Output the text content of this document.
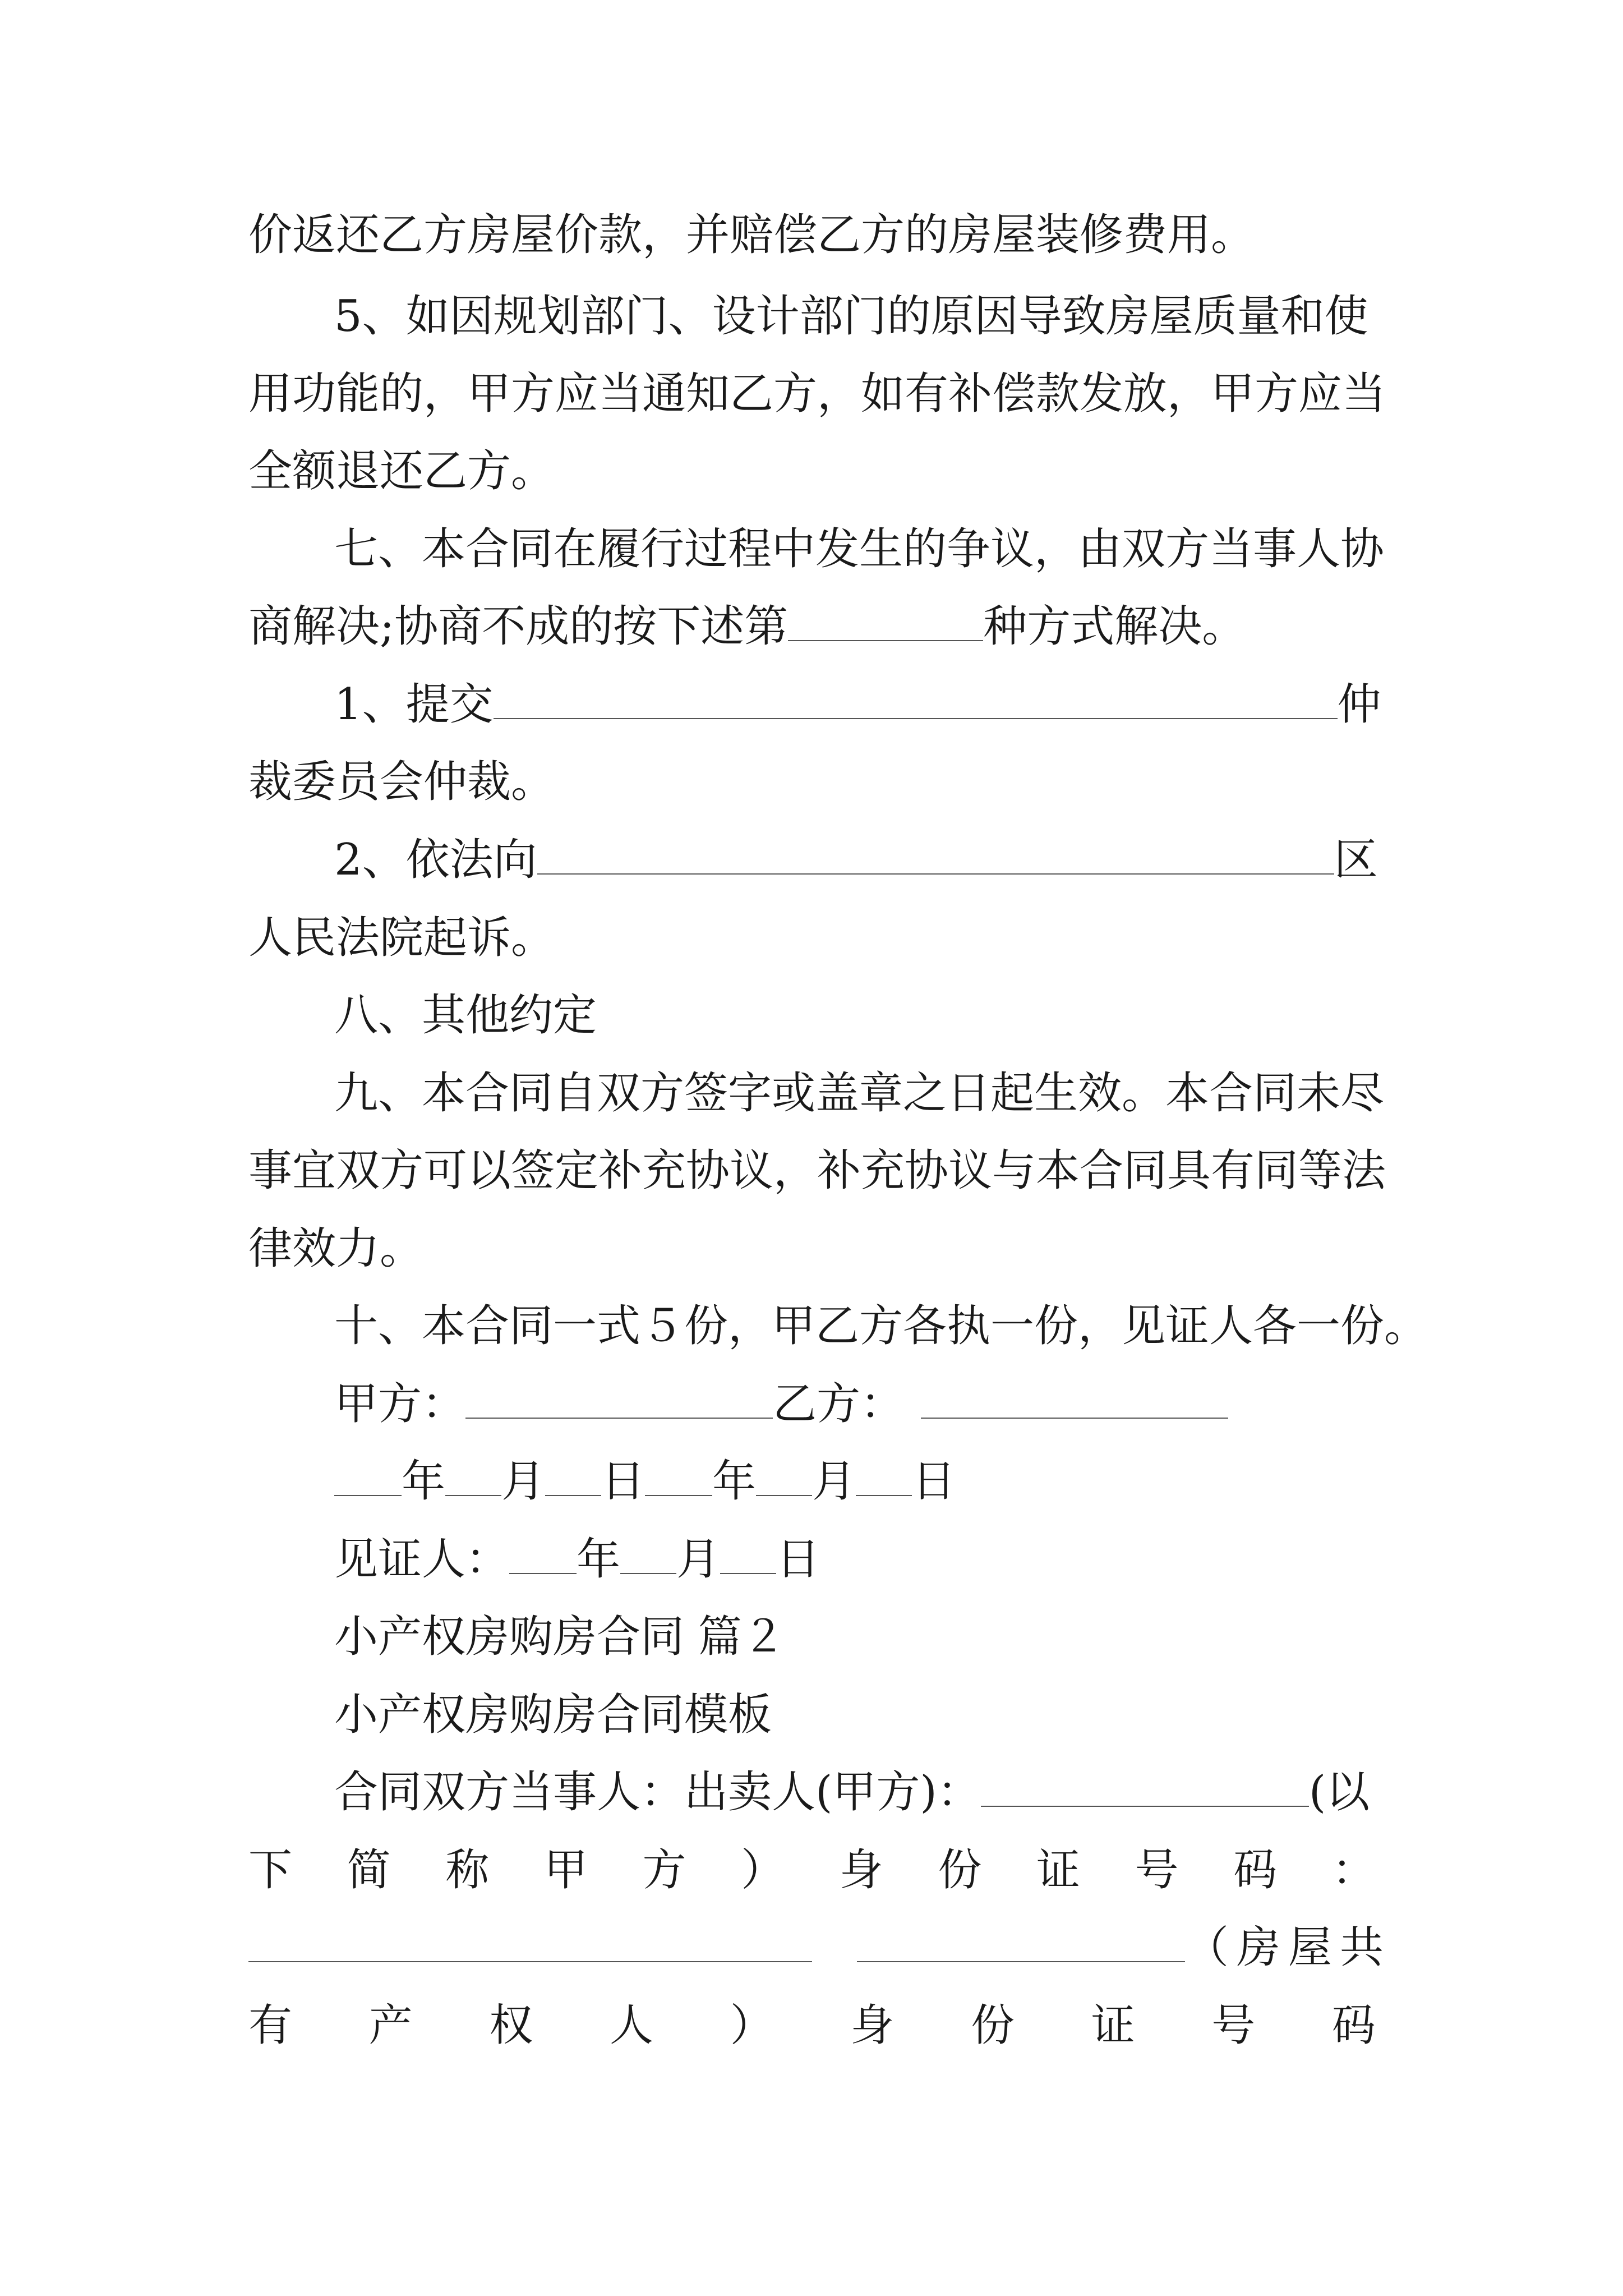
价返还乙方房屋价款，并赔偿乙方的房屋装修费用。
5、如因规划部门、设计部门的原因导致房屋质量和使
用功能的，甲方应当通知乙方，如有补偿款发放，甲方应当
全额退还乙方。
七、本合同在履行过程中发生的争议，由双方当事人协
商解决;协商不成的按下述第	种方式解决。
1、提交	仲
裁委员会仲裁。
2、依法向	区
人民法院起诉。
八、其他约定
九、本合同自双方签字或盖章之日起生效。本合同未尽
事宜双方可以签定补充协议，补充协议与本合同具有同等法
律效力。
十、本合同一式５份，甲乙方各执一份，见证人各一份。
甲方：	乙方：
年 月 日 年 月 日
见证人： 年 月 日
小产权房购房合同 篇２
小产权房购房合同模板
合同双方当事人：出卖人(甲方)：	(以
下 简 称 甲 方 ） 身 份 证 号 码 ：
（房屋共
有 产 权 人 ） 身 份 证 号 码
